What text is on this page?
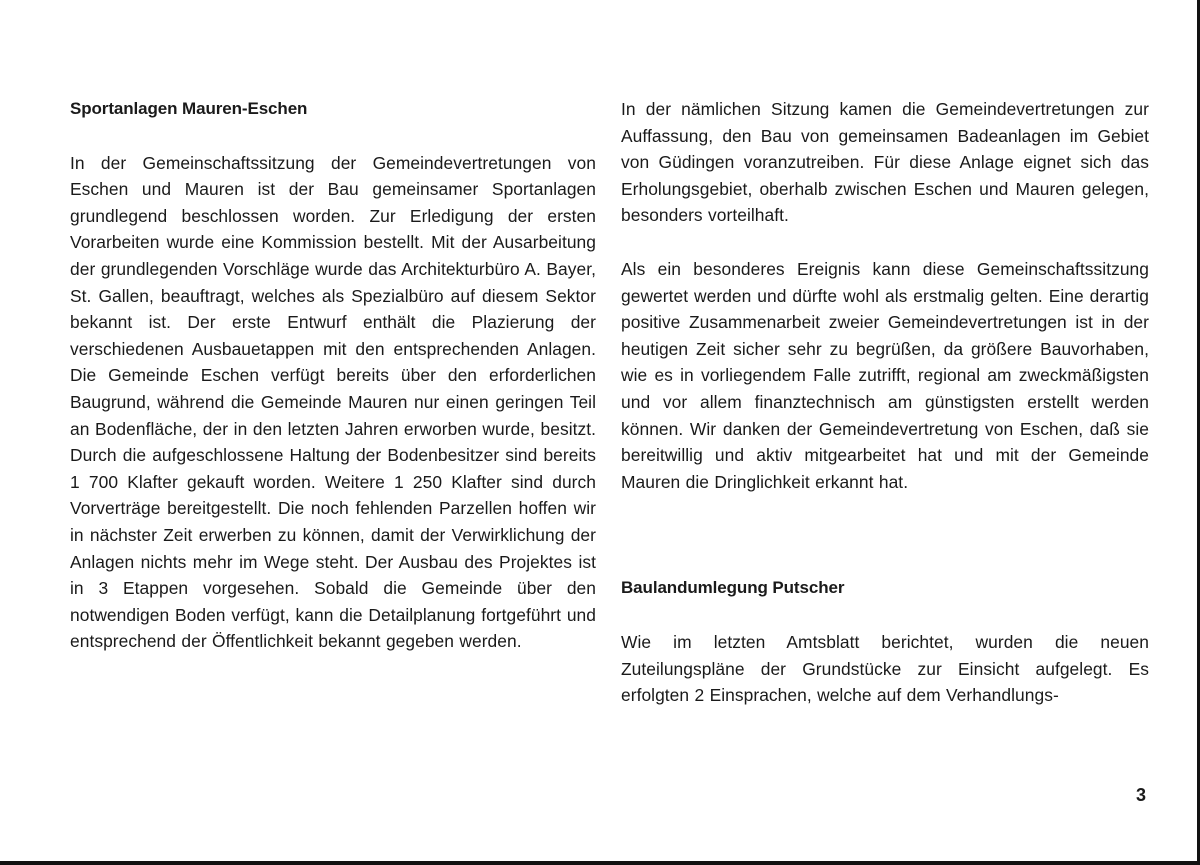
Sportanlagen Mauren-Eschen

In der Gemeinschaftssitzung der Gemeindevertretungen von Eschen und Mauren ist der Bau gemeinsamer Sportanlagen grundlegend beschlossen worden. Zur Erledigung der ersten Vorarbeiten wurde eine Kommission bestellt. Mit der Ausarbeitung der grundlegenden Vorschläge wurde das Architekturbüro A. Bayer, St. Gallen, beauftragt, welches als Spezialbüro auf diesem Sektor bekannt ist. Der erste Entwurf enthält die Plazierung der verschiedenen Ausbauetappen mit den entsprechenden Anlagen. Die Gemeinde Eschen verfügt bereits über den erforderlichen Baugrund, während die Gemeinde Mauren nur einen geringen Teil an Bodenfläche, der in den letzten Jahren erworben wurde, besitzt. Durch die aufgeschlossene Haltung der Bodenbesitzer sind bereits 1 700 Klafter gekauft worden. Weitere 1 250 Klafter sind durch Vorverträge bereitgestellt. Die noch fehlenden Parzellen hoffen wir in nächster Zeit erwerben zu können, damit der Verwirklichung der Anlagen nichts mehr im Wege steht. Der Ausbau des Projektes ist in 3 Etappen vorgesehen. Sobald die Gemeinde über den notwendigen Boden verfügt, kann die Detailplanung fortgeführt und entsprechend der Öffentlichkeit bekannt gegeben werden.

In der nämlichen Sitzung kamen die Gemeindevertretungen zur Auffassung, den Bau von gemeinsamen Badeanlagen im Gebiet von Güdingen voranzutreiben. Für diese Anlage eignet sich das Erholungsgebiet, oberhalb zwischen Eschen und Mauren gelegen, besonders vorteilhaft.

Als ein besonderes Ereignis kann diese Gemeinschaftssitzung gewertet werden und dürfte wohl als erstmalig gelten. Eine derartig positive Zusammenarbeit zweier Gemeindevertretungen ist in der heutigen Zeit sicher sehr zu begrüßen, da größere Bauvorhaben, wie es in vorliegendem Falle zutrifft, regional am zweckmäßigsten und vor allem finanztechnisch am günstigsten erstellt werden können. Wir danken der Gemeindevertretung von Eschen, daß sie bereitwillig und aktiv mitgearbeitet hat und mit der Gemeinde Mauren die Dringlichkeit erkannt hat.

Baulandumlegung Putscher

Wie im letzten Amtsblatt berichtet, wurden die neuen Zuteilungspläne der Grundstücke zur Einsicht aufgelegt. Es erfolgten 2 Einsprachen, welche auf dem Verhandlungs-

3
